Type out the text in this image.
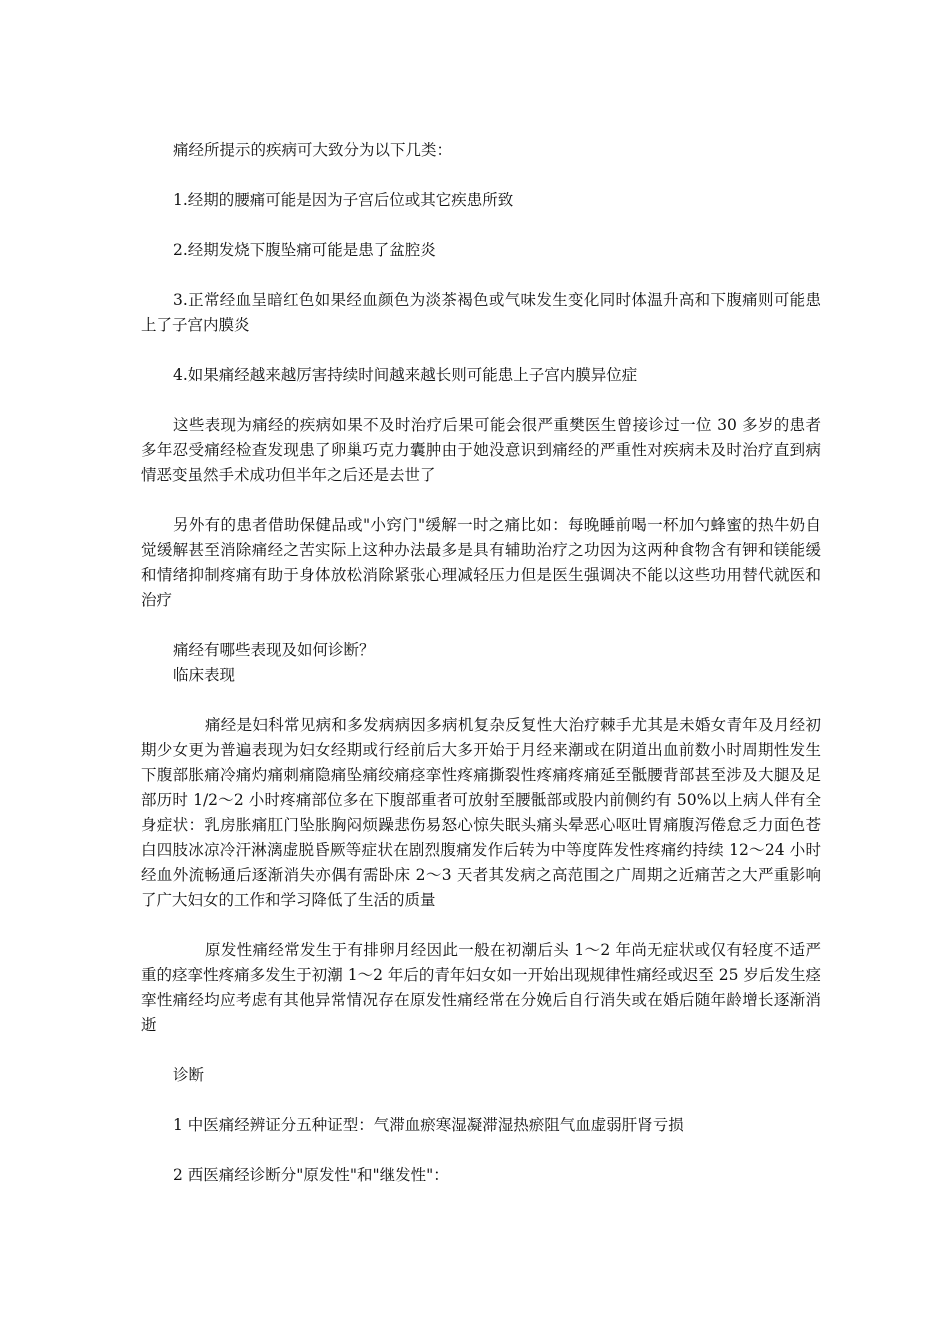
痛经所提示的疾病可大致分为以下几类：

1.经期的腰痛可能是因为子宫后位或其它疾患所致

2.经期发烧下腹坠痛可能是患了盆腔炎

3.正常经血呈暗红色如果经血颜色为淡茶褐色或气味发生变化同时体温升高和下腹痛则可能患上了子宫内膜炎

4.如果痛经越来越厉害持续时间越来越长则可能患上子宫内膜异位症

这些表现为痛经的疾病如果不及时治疗后果可能会很严重樊医生曾接诊过一位 30 多岁的患者多年忍受痛经检查发现患了卵巢巧克力囊肿由于她没意识到痛经的严重性对疾病未及时治疗直到病情恶变虽然手术成功但半年之后还是去世了

另外有的患者借助保健品或"小窍门"缓解一时之痛比如：每晚睡前喝一杯加勺蜂蜜的热牛奶自觉缓解甚至消除痛经之苦实际上这种办法最多是具有辅助治疗之功因为这两种食物含有钾和镁能缓和情绪抑制疼痛有助于身体放松消除紧张心理减轻压力但是医生强调决不能以这些功用替代就医和治疗

痛经有哪些表现及如何诊断？

临床表现

痛经是妇科常见病和多发病病因多病机复杂反复性大治疗棘手尤其是未婚女青年及月经初期少女更为普遍表现为妇女经期或行经前后大多开始于月经来潮或在阴道出血前数小时周期性发生下腹部胀痛冷痛灼痛刺痛隐痛坠痛绞痛痉挛性疼痛撕裂性疼痛疼痛延至骶腰背部甚至涉及大腿及足部历时 1/2～2 小时疼痛部位多在下腹部重者可放射至腰骶部或股内前侧约有 50%以上病人伴有全身症状：乳房胀痛肛门坠胀胸闷烦躁悲伤易怒心惊失眠头痛头晕恶心呕吐胃痛腹泻倦怠乏力面色苍白四肢冰凉冷汗淋漓虚脱昏厥等症状在剧烈腹痛发作后转为中等度阵发性疼痛约持续 12～24 小时经血外流畅通后逐渐消失亦偶有需卧床 2～3 天者其发病之高范围之广周期之近痛苦之大严重影响了广大妇女的工作和学习降低了生活的质量

原发性痛经常发生于有排卵月经因此一般在初潮后头 1～2 年尚无症状或仅有轻度不适严重的痉挛性疼痛多发生于初潮 1～2 年后的青年妇女如一开始出现规律性痛经或迟至 25 岁后发生痉挛性痛经均应考虑有其他异常情况存在原发性痛经常在分娩后自行消失或在婚后随年龄增长逐渐消逝

诊断

1 中医痛经辨证分五种证型：气滞血瘀寒湿凝滞湿热瘀阻气血虚弱肝肾亏损

2 西医痛经诊断分"原发性"和"继发性"：
